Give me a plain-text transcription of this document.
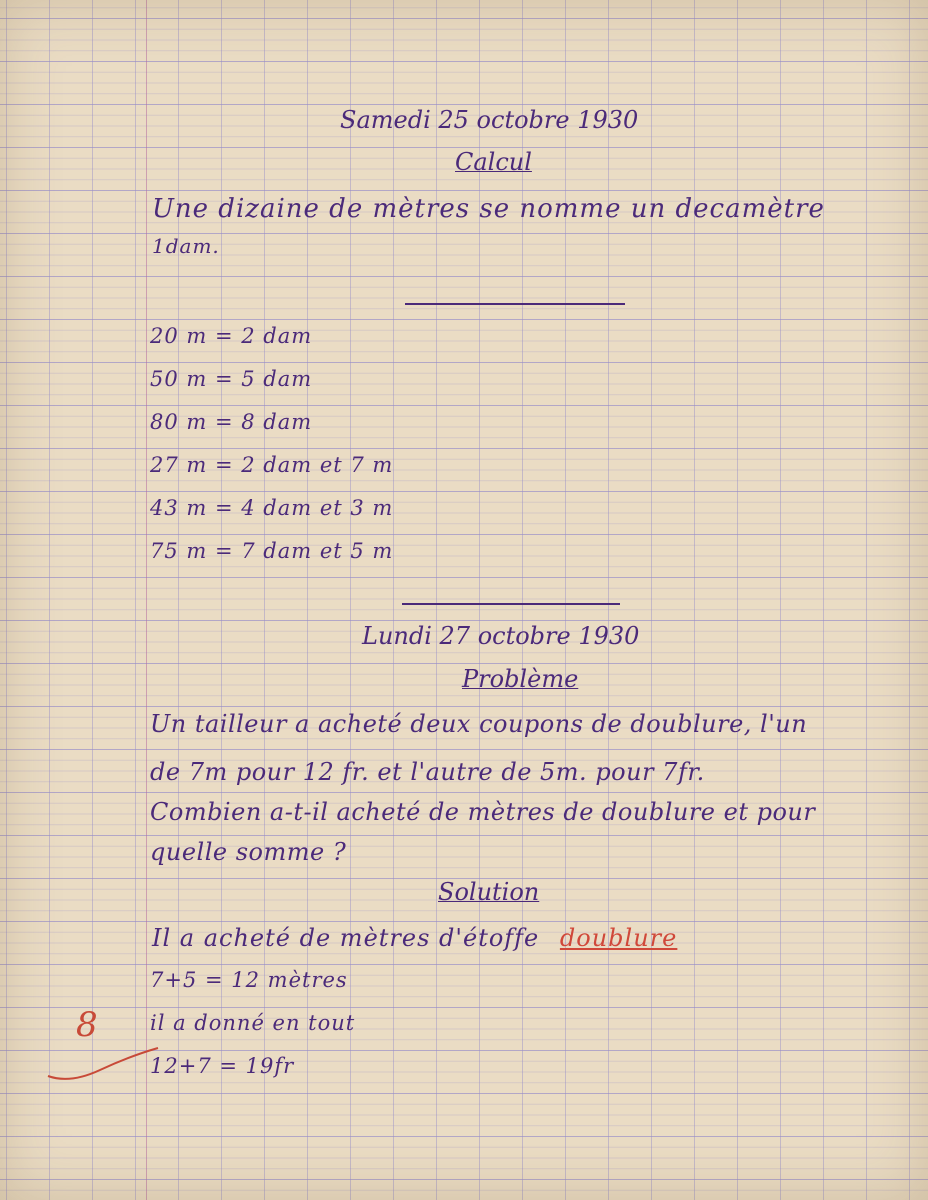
Samedi 25 octobre 1930
Calcul
Une dizaine de mètres se nomme un decamètre
1dam.
20 m = 2 dam
50 m = 5 dam
80 m = 8 dam
27 m = 2 dam et 7 m
43 m = 4 dam et 3 m
75 m = 7 dam et 5 m
Lundi 27 octobre 1930
Problème
Un tailleur a acheté deux coupons de doublure, l'un
de 7m pour 12 fr. et l'autre de 5m. pour 7fr.
Combien a-t-il acheté de mètres de doublure et pour
quelle somme ?
Solution
Il a acheté de mètres d'étoffe doublure
7+5 = 12 mètres
il a donné en tout
12+7 = 19fr
8
